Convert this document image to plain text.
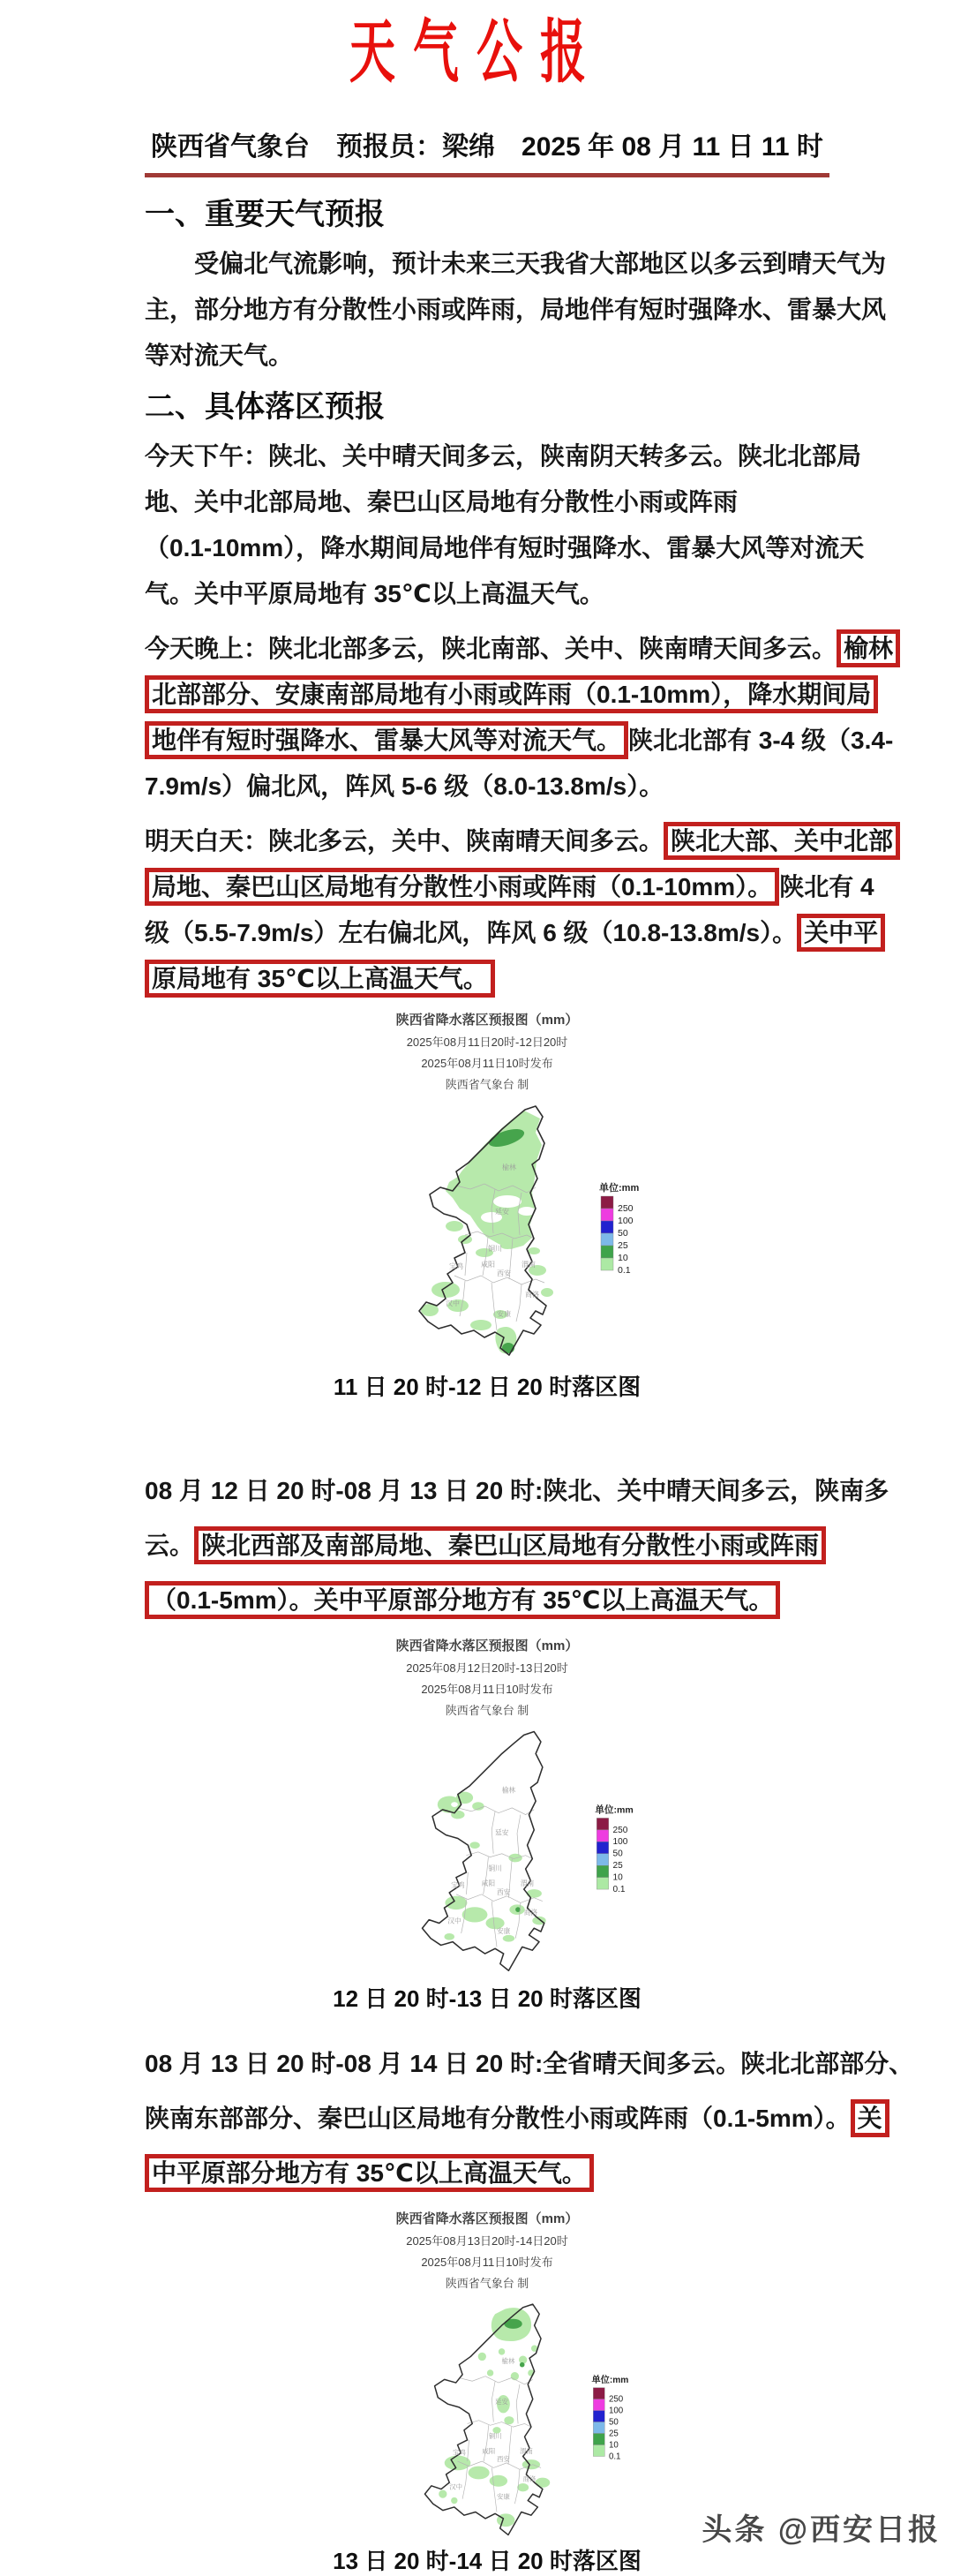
天气公报
陕西省气象台　预报员：梁绵　2025 年 08 月 11 日 11 时
一、重要天气预报
受偏北气流影响，预计未来三天我省大部地区以多云到晴天气为
主，部分地方有分散性小雨或阵雨，局地伴有短时强降水、雷暴大风
等对流天气。
二、具体落区预报
今天下午：陕北、关中晴天间多云，陕南阴天转多云。陕北北部局
地、关中北部局地、秦巴山区局地有分散性小雨或阵雨
（0.1-10mm），降水期间局地伴有短时强降水、雷暴大风等对流天
气。关中平原局地有 35℃以上高温天气。
今天晚上：陕北北部多云，陕北南部、关中、陕南晴天间多云。 榆林
北部部分、安康南部局地有小雨或阵雨（0.1-10mm），降水期间局
地伴有短时强降水、雷暴大风等对流天气。 陕北北部有 3-4 级（3.4-
7.9m/s）偏北风，阵风 5-6 级（8.0-13.8m/s）。
明天白天：陕北多云，关中、陕南晴天间多云。 陕北大部、关中北部
局地、秦巴山区局地有分散性小雨或阵雨（0.1-10mm）。 陕北有 4
级（5.5-7.9m/s）左右偏北风，阵风 6 级（10.8-13.8m/s）。 关中平
原局地有 35℃以上高温天气。
陕西省降水落区预报图（mm）
2025年08月11日20时-12日20时
2025年08月11日10时发布
陕西省气象台 制
榆林
延安
铜川
渭南
咸阳
西安
宝鸡
汉中
安康
商洛
单位:mm
250
100
50
25
10
0.1
11 日 20 时-12 日 20 时落区图
08 月 12 日 20 时-08 月 13 日 20 时:陕北、关中晴天间多云，陕南多
云。 陕北西部及南部局地、秦巴山区局地有分散性小雨或阵雨
（0.1-5mm）。关中平原部分地方有 35℃以上高温天气。
陕西省降水落区预报图（mm）
2025年08月12日20时-13日20时
2025年08月11日10时发布
陕西省气象台 制
榆林
延安
铜川
渭南
咸阳
西安
宝鸡
汉中
安康
商洛
单位:mm
250
100
50
25
10
0.1
12 日 20 时-13 日 20 时落区图
08 月 13 日 20 时-08 月 14 日 20 时:全省晴天间多云。陕北北部部分、
陕南东部部分、秦巴山区局地有分散性小雨或阵雨（0.1-5mm）。 关
中平原部分地方有 35℃以上高温天气。
陕西省降水落区预报图（mm）
2025年08月13日20时-14日20时
2025年08月11日10时发布
陕西省气象台 制
榆林
延安
铜川
渭南
咸阳
西安
宝鸡
汉中
安康
商洛
单位:mm
250
100
50
25
10
0.1
13 日 20 时-14 日 20 时落区图
头条 @西安日报
